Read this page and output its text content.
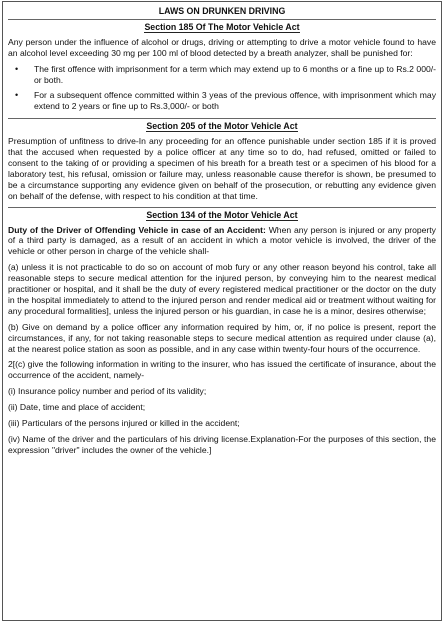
LAWS ON DRUNKEN DRIVING
Section 185 Of The Motor Vehicle Act

Any person under the influence of alcohol or drugs, driving or attempting to drive a motor vehicle found to have an alcohol level exceeding 30 mg per 100 ml of blood detected by a breath analyzer, shall be punished for:

• The first offence with imprisonment for a term which may extend up to 6 months or a fine up to Rs.2 000/- or both.
• For a subsequent offence committed within 3 yeas of the previous offence, with imprisonment which may extend to 2 years or fine up to Rs.3,000/- or both
Section 205 of the Motor Vehicle Act

Presumption of unfitness to drive-In any proceeding for an offence punishable under section 185 if it is proved that the accused when requested by a police officer at any time so to do, had refused, omitted or failed to consent to the taking of or providing a specimen of his breath for a breath test or a specimen of his blood for a laboratory test, his refusal, omission or failure may, unless reasonable cause therefor is shown, be presumed to be a circumstance supporting any evidence given on behalf of the prosecution, or rebutting any evidence given on behalf of the defense, with respect to his condition at that time.

Section 134 of the Motor Vehicle Act

Duty of the Driver of Offending Vehicle in case of an Accident: When any person is injured or any property of a third party is damaged, as a result of an accident in which a motor vehicle is involved, the driver of the vehicle or other person in charge of the vehicle shall-

(a) unless it is not practicable to do so on account of mob fury or any other reason beyond his control, take all reasonable steps to secure medical attention for the injured person, by conveying him to the nearest medical practitioner or hospital, and it shall be the duty of every registered medical practitioner or the doctor on the duty in the hospital immediately to attend to the injured person and render medical aid or treatment without waiting for any procedural formalities], unless the injured person or his guardian, in case he is a minor, desires otherwise;

(b) Give on demand by a police officer any information required by him, or, if no police is present, report the circumstances, if any, for not taking reasonable steps to secure medical attention as required under clause (a), at the nearest police station as soon as possible, and in any case within twenty-four hours of the occurrence.

2[(c) give the following information in writing to the insurer, who has issued the certificate of insurance, about the occurrence of the accident, namely-

(i) Insurance policy number and period of its validity;

(ii) Date, time and place of accident;

(iii) Particulars of the persons injured or killed in the accident;

(iv) Name of the driver and the particulars of his driving license.Explanation-For the purposes of this section, the expression "driver" includes the owner of the vehicle.]
